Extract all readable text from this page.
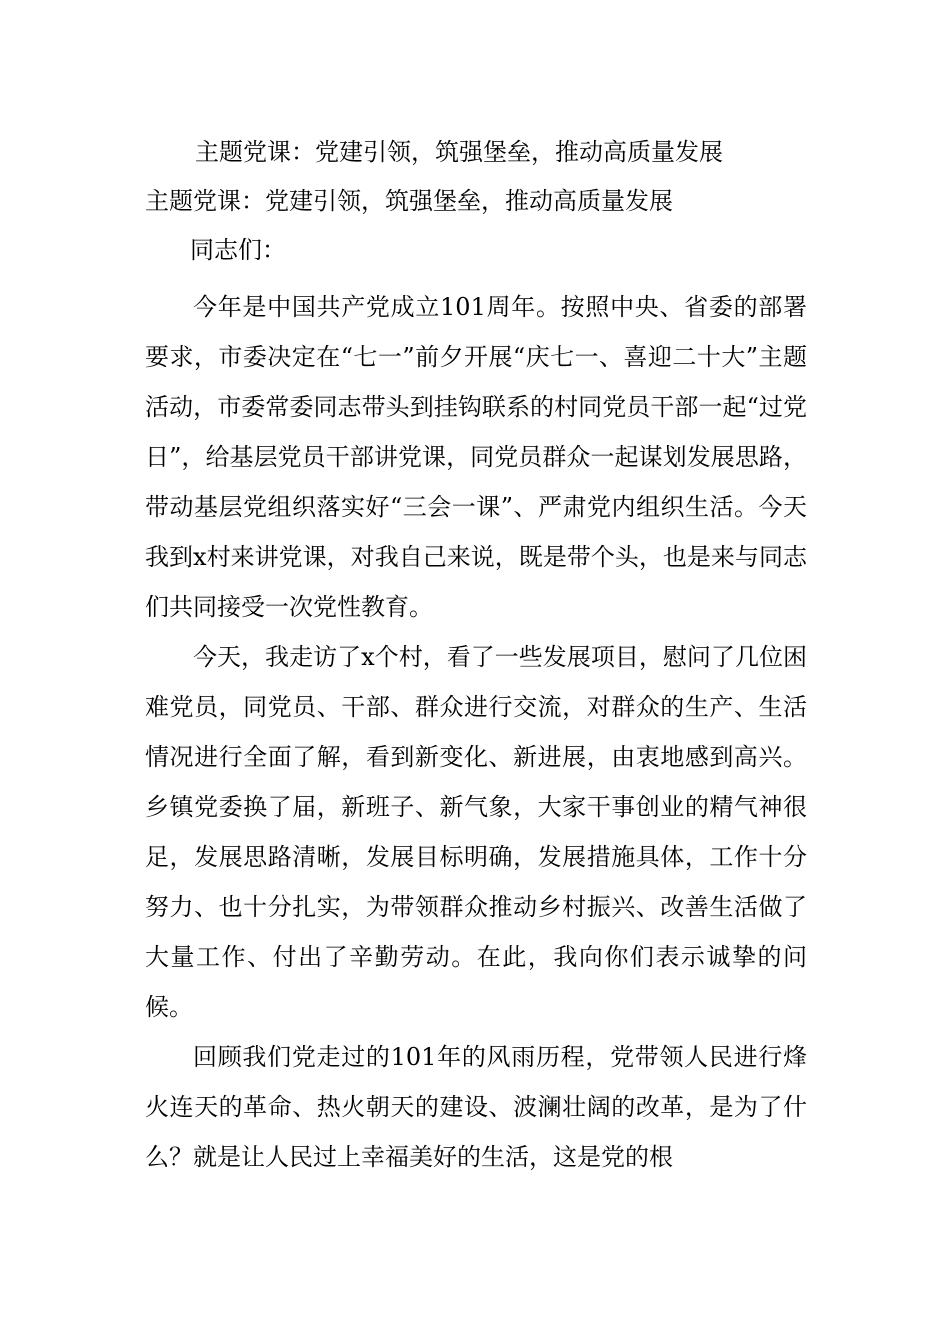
主题党课：党建引领，筑强堡垒，推动高质量发展
主题党课：党建引领，筑强堡垒，推动高质量发展
同志们：

今年是中国共产党成立101周年。按照中央、省委的部署要求，市委决定在“七一”前夕开展“庆七一、喜迎二十大”主题活动，市委常委同志带头到挂钩联系的村同党员干部一起“过党日”，给基层党员干部讲党课，同党员群众一起谋划发展思路，带动基层党组织落实好“三会一课”、严肃党内组织生活。今天我到x村来讲党课，对我自己来说，既是带个头，也是来与同志们共同接受一次党性教育。

今天，我走访了x个村，看了一些发展项目，慰问了几位困难党员，同党员、干部、群众进行交流，对群众的生产、生活情况进行全面了解，看到新变化、新进展，由衷地感到高兴。乡镇党委换了届，新班子、新气象，大家干事创业的精气神很足，发展思路清晰，发展目标明确，发展措施具体，工作十分努力、也十分扎实，为带领群众推动乡村振兴、改善生活做了大量工作、付出了辛勤劳动。在此，我向你们表示诚挚的问候。

回顾我们党走过的101年的风雨历程，党带领人民进行烽火连天的革命、热火朝天的建设、波澜壮阔的改革，是为了什么？就是让人民过上幸福美好的生活，这是党的根
